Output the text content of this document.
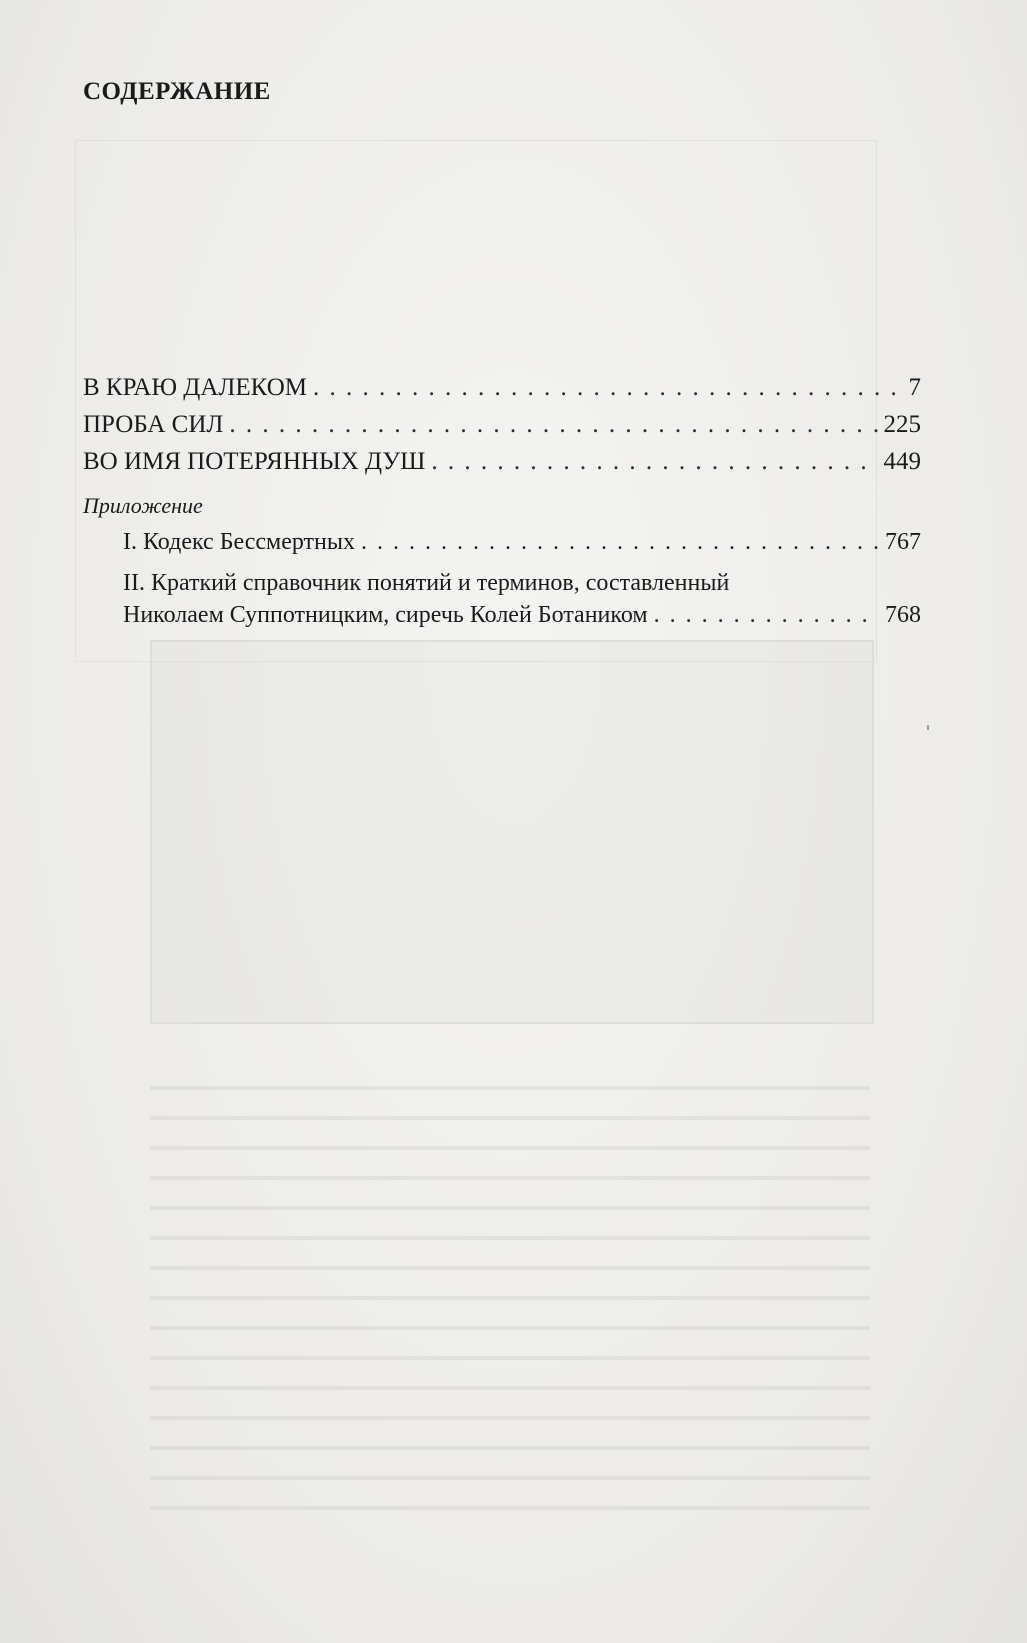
СОДЕРЖАНИЕ
В КРАЮ ДАЛЕКОМ . . .	7
ПРОБА СИЛ . . .	225
ВО ИМЯ ПОТЕРЯННЫХ ДУШ . . .	449
Приложение
I. Кодекс Бессмертных . . .	767
II. Краткий справочник понятий и терминов, составленный
Николаем Суппотницким, сиречь Колей Ботаником . . .	768
